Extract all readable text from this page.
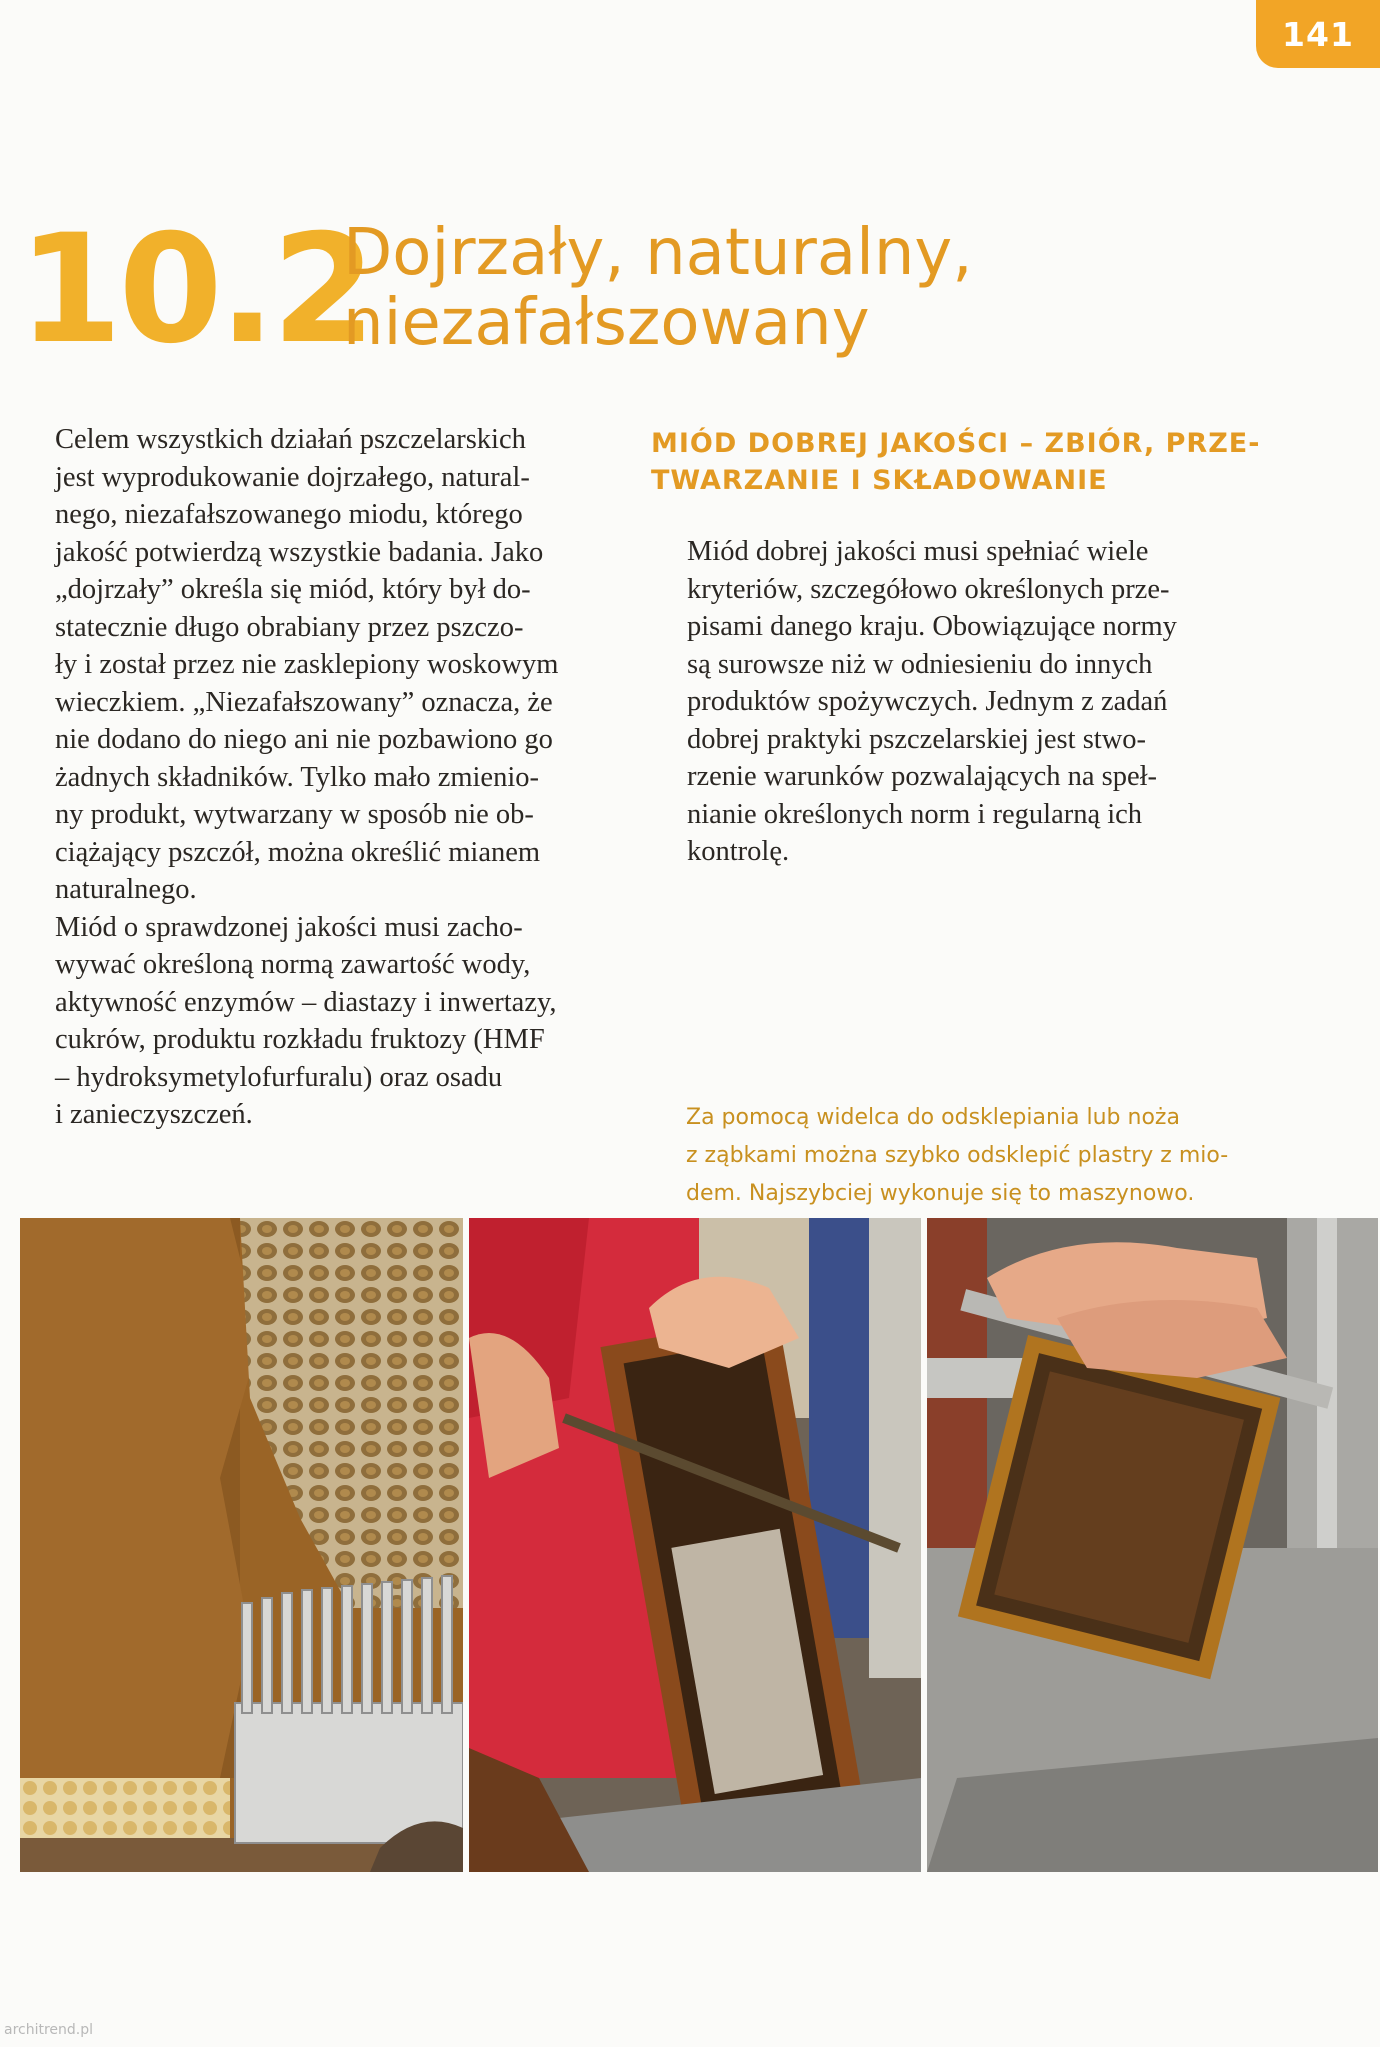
141
10.2
Dojrzały, naturalny,
niezafałszowany
Celem wszystkich działań pszczelarskich
jest wyprodukowanie dojrzałego, natural-
nego, niezafałszowanego miodu, którego
jakość potwierdzą wszystkie badania. Jako
„dojrzały” określa się miód, który był do-
statecznie długo obrabiany przez pszczo-
ły i został przez nie zasklepiony woskowym
wieczkiem. „Niezafałszowany” oznacza, że
nie dodano do niego ani nie pozbawiono go
żadnych składników. Tylko mało zmienio-
ny produkt, wytwarzany w sposób nie ob-
ciążający pszczół, można określić mianem
naturalnego.
Miód o sprawdzonej jakości musi zacho-
wywać określoną normą zawartość wody,
aktywność enzymów – diastazy i inwertazy,
cukrów, produktu rozkładu fruktozy (HMF
– hydroksymetylofurfuralu) oraz osadu
i zanieczyszczeń.
MIÓD DOBREJ JAKOŚCI – ZBIÓR, PRZE-
TWARZANIE I SKŁADOWANIE
Miód dobrej jakości musi spełniać wiele
kryteriów, szczegółowo określonych prze-
pisami danego kraju. Obowiązujące normy
są surowsze niż w odniesieniu do innych
produktów spożywczych. Jednym z zadań
dobrej praktyki pszczelarskiej jest stwo-
rzenie warunków pozwalających na speł-
nianie określonych norm i regularną ich
kontrolę.
Za pomocą widelca do odsklepiania lub noża
z ząbkami można szybko odsklepić plastry z mio-
dem. Najszybciej wykonuje się to maszynowo.
architrend.pl
